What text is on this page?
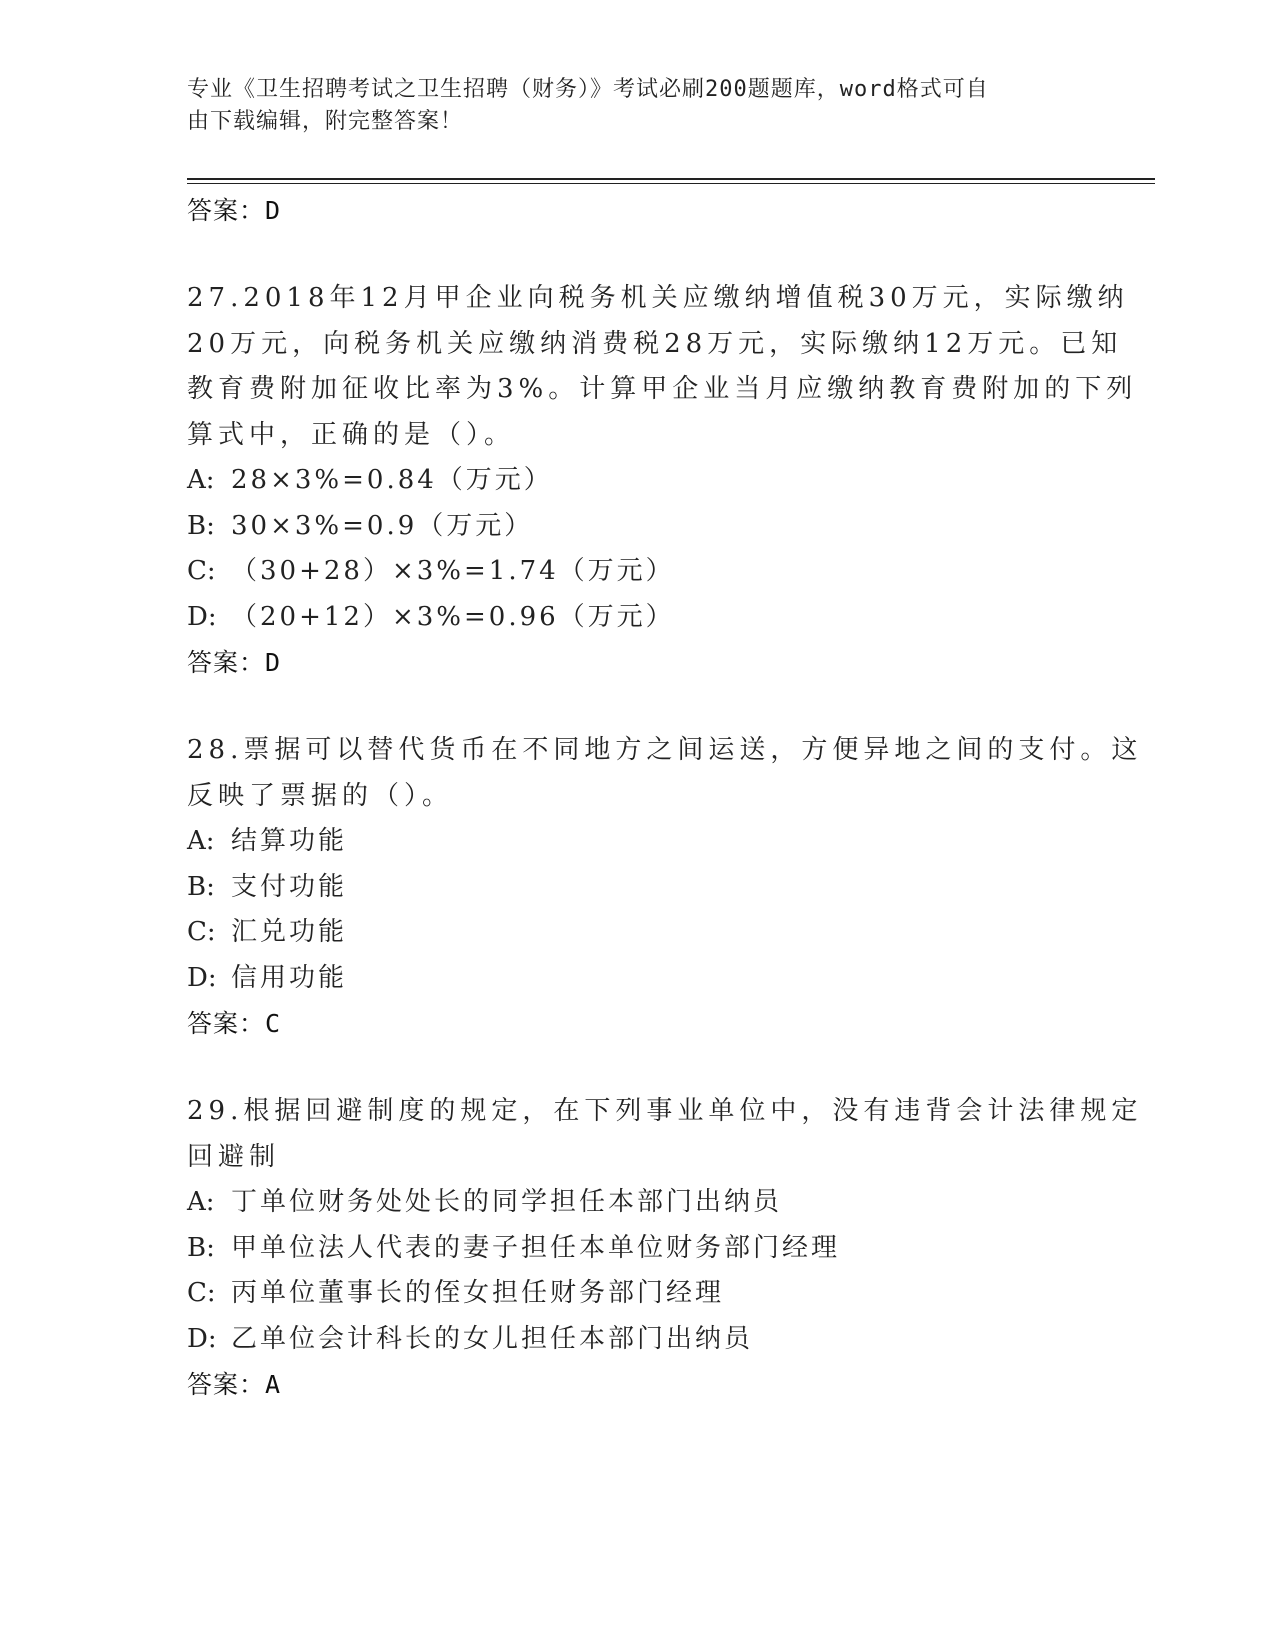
专业《卫生招聘考试之卫生招聘（财务）》考试必刷200题题库，word格式可自
由下载编辑，附完整答案！
答案：D
27.2018年12月甲企业向税务机关应缴纳增值税30万元，实际缴纳
20万元，向税务机关应缴纳消费税28万元，实际缴纳12万元。已知
教育费附加征收比率为3%。计算甲企业当月应缴纳教育费附加的下列
算式中，正确的是（）。
A: 28×3%=0.84（万元）
B: 30×3%=0.9（万元）
C: （30+28）×3%=1.74（万元）
D: （20+12）×3%=0.96（万元）
答案：D
28.票据可以替代货币在不同地方之间运送，方便异地之间的支付。这
反映了票据的（）。
A: 结算功能
B: 支付功能
C: 汇兑功能
D: 信用功能
答案：C
29.根据回避制度的规定，在下列事业单位中，没有违背会计法律规定
回避制
A: 丁单位财务处处长的同学担任本部门出纳员
B: 甲单位法人代表的妻子担任本单位财务部门经理
C: 丙单位董事长的侄女担任财务部门经理
D: 乙单位会计科长的女儿担任本部门出纳员
答案：A
